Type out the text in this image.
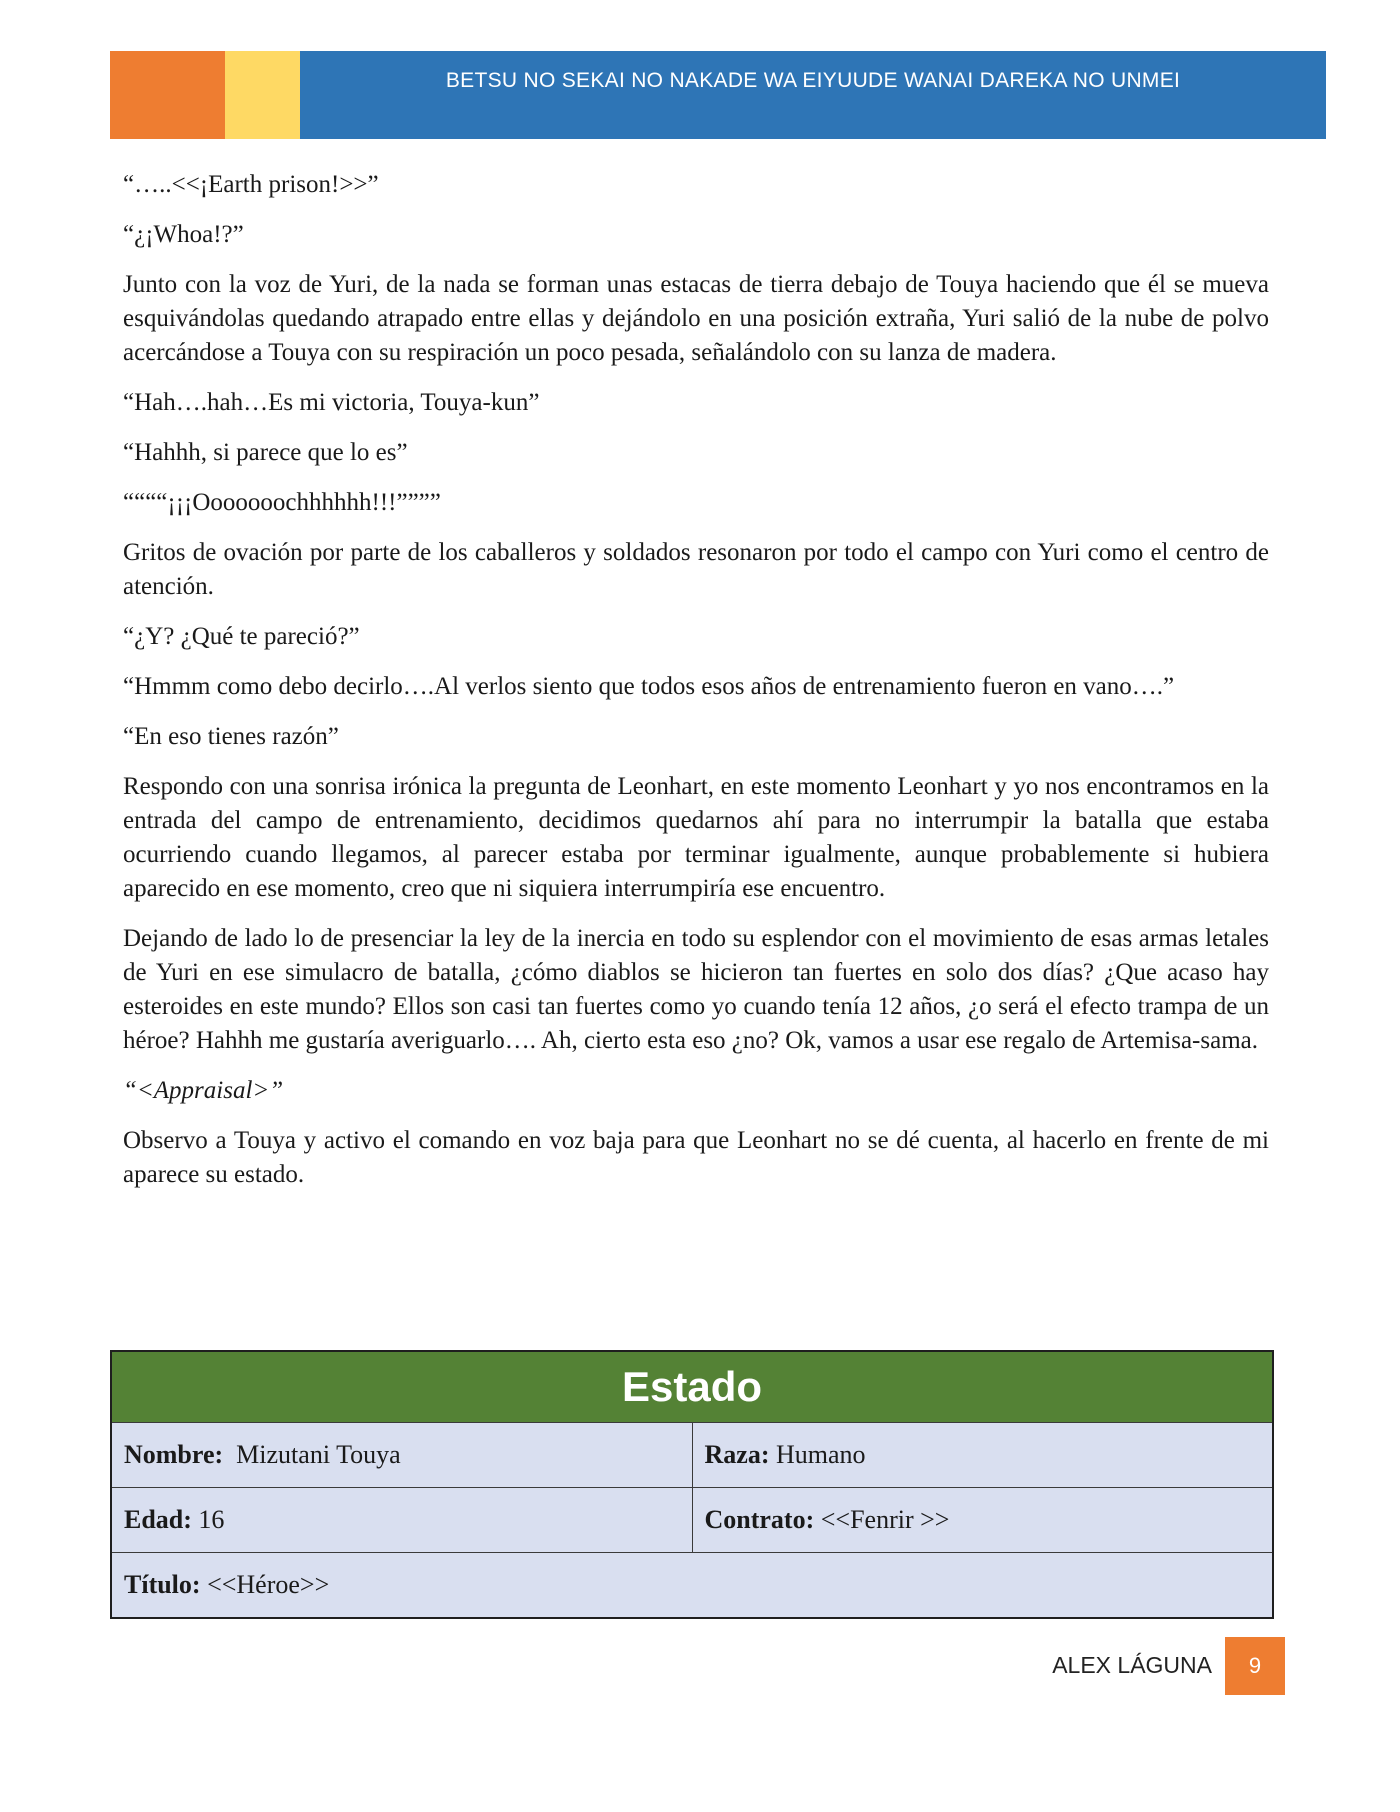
BETSU NO SEKAI NO NAKADE WA EIYUUDE WANAI DAREKA NO UNMEI

“…..<<¡Earth prison!>>”

“¿¡Whoa!?”

Junto con la voz de Yuri, de la nada se forman unas estacas de tierra debajo de Touya haciendo que él se mueva esquivándolas quedando atrapado entre ellas y dejándolo en una posición extraña, Yuri salió de la nube de polvo acercándose a Touya con su respiración un poco pesada, señalándolo con su lanza de madera.

“Hah….hah…Es mi victoria, Touya-kun”

“Hahhh, si parece que lo es”

““““¡¡¡Ooooooochhhhhh!!!””””

Gritos de ovación por parte de los caballeros y soldados resonaron por todo el campo con Yuri como el centro de atención.

“¿Y? ¿Qué te pareció?”

“Hmmm como debo decirlo….Al verlos siento que todos esos años de entrenamiento fueron en vano….”

“En eso tienes razón”

Respondo con una sonrisa irónica la pregunta de Leonhart, en este momento Leonhart y yo nos encontramos en la entrada del campo de entrenamiento, decidimos quedarnos ahí para no interrumpir la batalla que estaba ocurriendo cuando llegamos, al parecer estaba por terminar igualmente, aunque probablemente si hubiera aparecido en ese momento, creo que ni siquiera interrumpiría ese encuentro.

Dejando de lado lo de presenciar la ley de la inercia en todo su esplendor con el movimiento de esas armas letales de Yuri en ese simulacro de batalla, ¿cómo diablos se hicieron tan fuertes en solo dos días? ¿Que acaso hay esteroides en este mundo? Ellos son casi tan fuertes como yo cuando tenía 12 años, ¿o será el efecto trampa de un héroe? Hahhh me gustaría averiguarlo…. Ah, cierto esta eso ¿no? Ok, vamos a usar ese regalo de Artemisa-sama.

“<Appraisal>”

Observo a Touya y activo el comando en voz baja para que Leonhart no se dé cuenta, al hacerlo en frente de mi aparece su estado.

Estado	
Nombre: Mizutani Touya	Raza: Humano
Edad: 16	Contrato: <<Fenrir >>
Título: <<Héroe>>	
ALEX LÁGUNA	9
